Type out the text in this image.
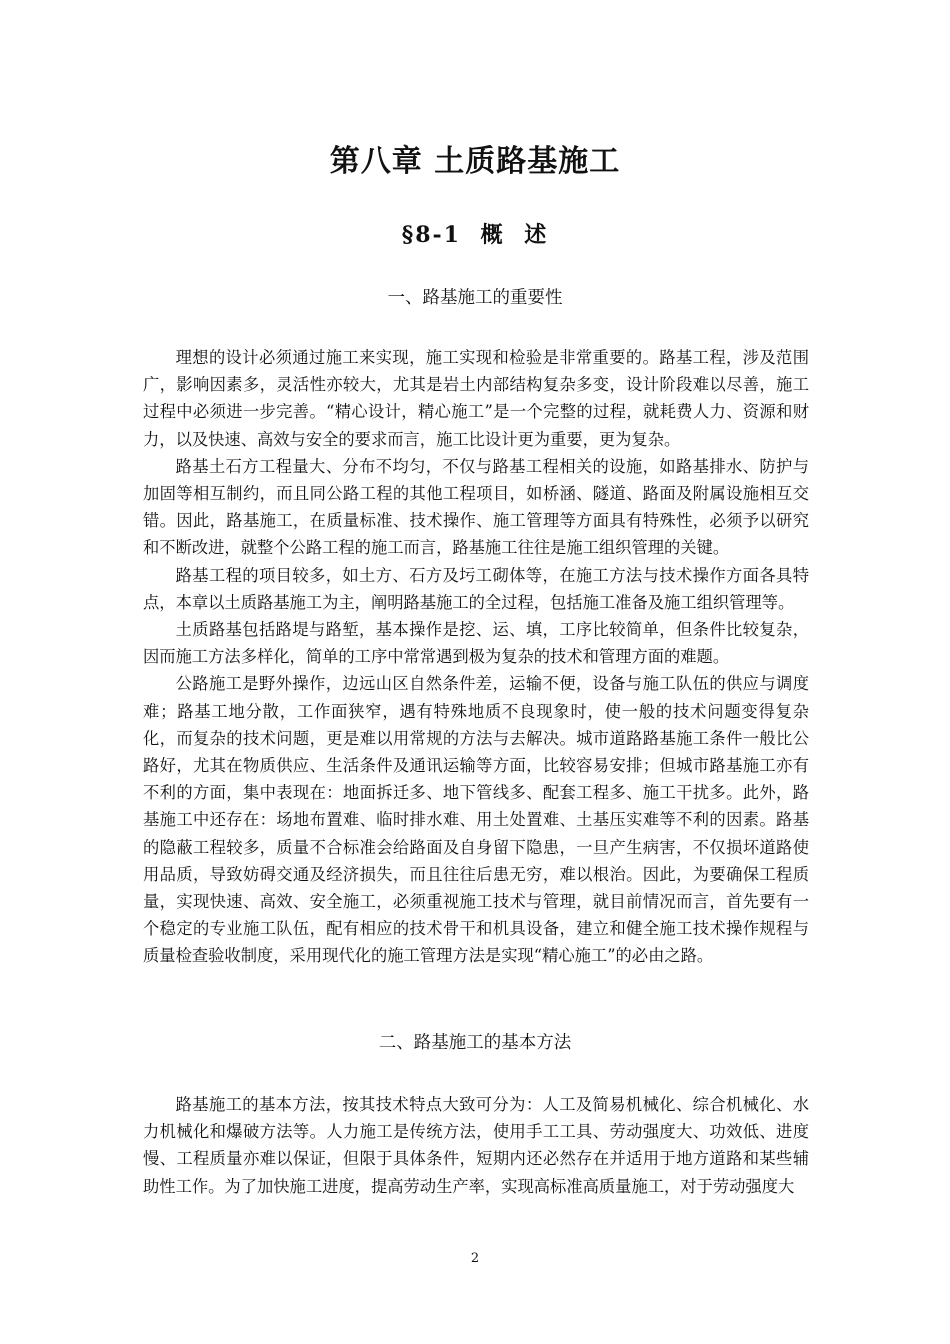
第八章 土质路基施工
§8-1 概 述
一、路基施工的重要性

理想的设计必须通过施工来实现，施工实现和检验是非常重要的。路基工程，涉及范围广，影响因素多，灵活性亦较大，尤其是岩土内部结构复杂多变，设计阶段难以尽善，施工过程中必须进一步完善。“精心设计，精心施工”是一个完整的过程，就耗费人力、资源和财力，以及快速、高效与安全的要求而言，施工比设计更为重要，更为复杂。

路基土石方工程量大、分布不均匀，不仅与路基工程相关的设施，如路基排水、防护与加固等相互制约，而且同公路工程的其他工程项目，如桥涵、隧道、路面及附属设施相互交错。因此，路基施工，在质量标准、技术操作、施工管理等方面具有特殊性，必须予以研究和不断改进，就整个公路工程的施工而言，路基施工往往是施工组织管理的关键。

路基工程的项目较多，如土方、石方及圬工砌体等，在施工方法与技术操作方面各具特点，本章以土质路基施工为主，阐明路基施工的全过程，包括施工准备及施工组织管理等。

土质路基包括路堤与路堑，基本操作是挖、运、填，工序比较简单，但条件比较复杂，因而施工方法多样化，简单的工序中常常遇到极为复杂的技术和管理方面的难题。

公路施工是野外操作，边远山区自然条件差，运输不便，设备与施工队伍的供应与调度难；路基工地分散，工作面狭窄，遇有特殊地质不良现象时，使一般的技术问题变得复杂化，而复杂的技术问题，更是难以用常规的方法与去解决。城市道路路基施工条件一般比公路好，尤其在物质供应、生活条件及通讯运输等方面，比较容易安排；但城市路基施工亦有不利的方面，集中表现在：地面拆迁多、地下管线多、配套工程多、施工干扰多。此外，路基施工中还存在：场地布置难、临时排水难、用土处置难、土基压实难等不利的因素。路基的隐蔽工程较多，质量不合标准会给路面及自身留下隐患，一旦产生病害，不仅损坏道路使用品质，导致妨碍交通及经济损失，而且往往后患无穷，难以根治。因此，为要确保工程质量，实现快速、高效、安全施工，必须重视施工技术与管理，就目前情况而言，首先要有一个稳定的专业施工队伍，配有相应的技术骨干和机具设备，建立和健全施工技术操作规程与质量检查验收制度，采用现代化的施工管理方法是实现“精心施工”的必由之路。

二、路基施工的基本方法

路基施工的基本方法，按其技术特点大致可分为：人工及简易机械化、综合机械化、水力机械化和爆破方法等。人力施工是传统方法，使用手工工具、劳动强度大、功效低、进度慢、工程质量亦难以保证，但限于具体条件，短期内还必然存在并适用于地方道路和某些辅助性工作。为了加快施工进度，提高劳动生产率，实现高标准高质量施工，对于劳动强度大

2
